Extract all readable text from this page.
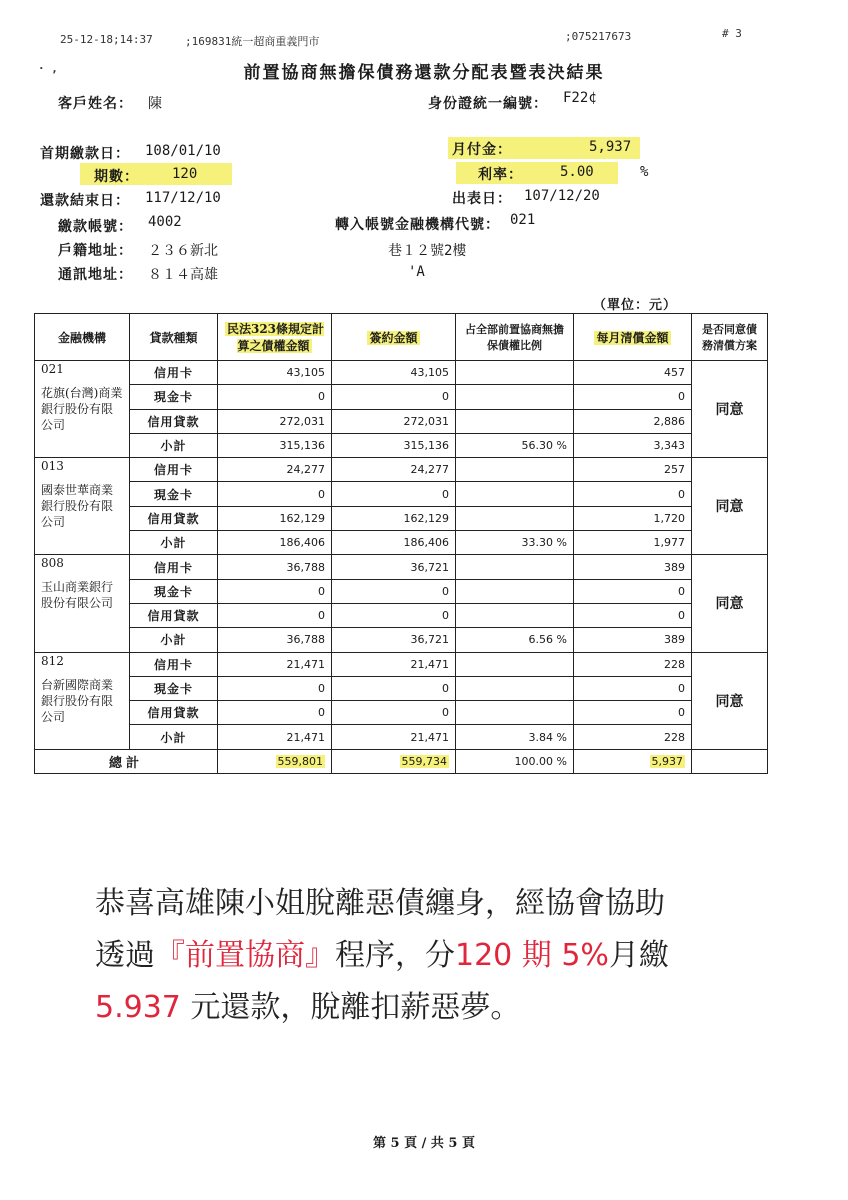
25-12-18;14:37	;169831統一超商重義門市	;075217673	# 3
· ,	前置協商無擔保債務還款分配表暨表決結果
客戶姓名： 陳	身份證統一編號： F22¢
首期繳款日： 108/01/10	月付金：	5,937
期數： 120	利率：	5.00	%
還款結束日： 117/12/10	出表日： 107/12/20
繳款帳號： 4002	轉入帳號金融機構代號： 021
戶籍地址： ２３６新北	巷１２號2樓
通訊地址： ８１４高雄	'A
（單位：元）
金融機構	貸款種類	民法323條規定計算之債權金額	簽約金額	占全部前置協商無擔保債權比例	每月清償金額	是否同意債務清償方案

021
花旗(台灣)商業銀行股份有限公司	信用卡	43,105	43,105		457	同意
	現金卡	0	0		0	
	信用貸款	272,031	272,031		2,886	
	小計	315,136	315,136	56.30 %	3,343	

013
國泰世華商業銀行股份有限公司	信用卡	24,277	24,277		257	同意
	現金卡	0	0		0	
	信用貸款	162,129	162,129		1,720	
	小計	186,406	186,406	33.30 %	1,977	

808
玉山商業銀行股份有限公司	信用卡	36,788	36,721		389	同意
	現金卡	0	0		0	
	信用貸款	0	0		0	
	小計	36,788	36,721	6.56 %	389	

812
台新國際商業銀行股份有限公司	信用卡	21,471	21,471		228	同意
	現金卡	0	0		0	
	信用貸款	0	0		0	
	小計	21,471	21,471	3.84 %	228	
總計		559,801	559,734	100.00 %	5,937	
恭喜高雄陳小姐脫離惡債纏身，經協會協助
透過『前置協商』程序，分120 期 5%月繳
5.937 元還款，脫離扣薪惡夢。
第 5 頁 / 共 5 頁
